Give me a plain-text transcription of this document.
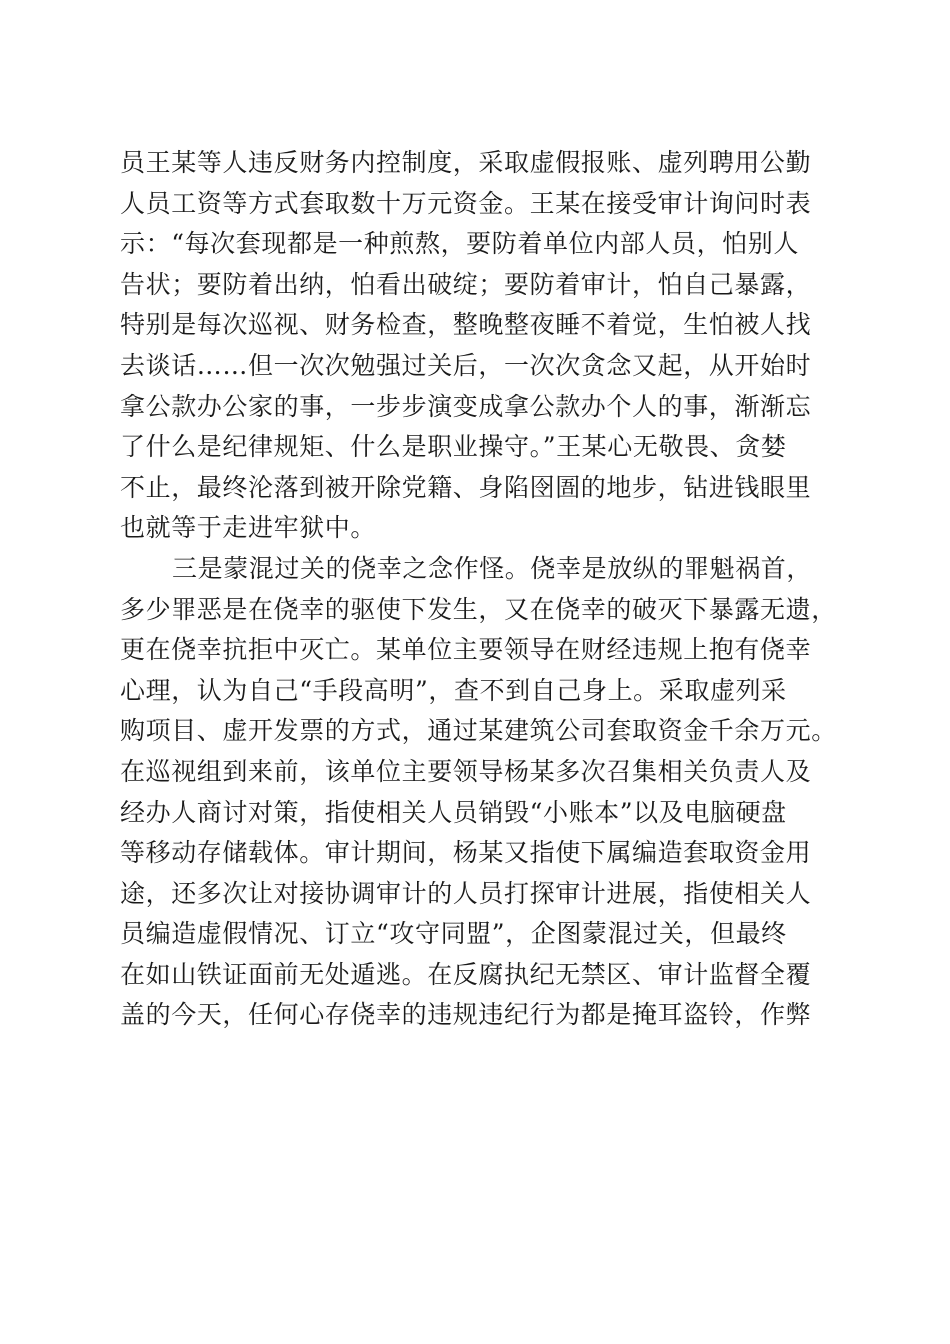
员王某等人违反财务内控制度，采取虚假报账、虚列聘用公勤
人员工资等方式套取数十万元资金。王某在接受审计询问时表
示：“每次套现都是一种煎熬，要防着单位内部人员，怕别人
告状；要防着出纳，怕看出破绽；要防着审计，怕自己暴露，
特别是每次巡视、财务检查，整晚整夜睡不着觉，生怕被人找
去谈话……但一次次勉强过关后，一次次贪念又起，从开始时
拿公款办公家的事，一步步演变成拿公款办个人的事，渐渐忘
了什么是纪律规矩、什么是职业操守。”王某心无敬畏、贪婪
不止，最终沦落到被开除党籍、身陷囹圄的地步，钻进钱眼里
也就等于走进牢狱中。
三是蒙混过关的侥幸之念作怪。侥幸是放纵的罪魁祸首，
多少罪恶是在侥幸的驱使下发生，又在侥幸的破灭下暴露无遗，
更在侥幸抗拒中灭亡。某单位主要领导在财经违规上抱有侥幸
心理，认为自己“手段高明”，查不到自己身上。采取虚列采
购项目、虚开发票的方式，通过某建筑公司套取资金千余万元。
在巡视组到来前，该单位主要领导杨某多次召集相关负责人及
经办人商讨对策，指使相关人员销毁“小账本”以及电脑硬盘
等移动存储载体。审计期间，杨某又指使下属编造套取资金用
途，还多次让对接协调审计的人员打探审计进展，指使相关人
员编造虚假情况、订立“攻守同盟”，企图蒙混过关，但最终
在如山铁证面前无处遁逃。在反腐执纪无禁区、审计监督全覆
盖的今天，任何心存侥幸的违规违纪行为都是掩耳盗铃，作弊
